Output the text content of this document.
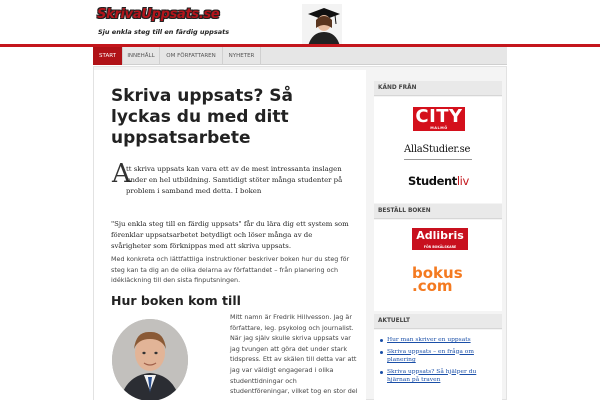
SkrivaUppsats.se
Sju enkla steg till en färdig uppsats
START	INNEHÅLL	OM FÖRFATTAREN	NYHETER
Skriva uppsats? Så lyckas du med ditt uppsatsarbete
A

tt skriva uppsats kan vara ett av de mest intressanta inslagen under en hel utbildning. Samtidigt stöter många studenter på problem i samband med detta. I boken

"Sju enkla steg till en färdig uppsats" får du lära dig ett system som förenklar uppsatsarbetet betydligt och löser många av de svårigheter som förknippas med att skriva uppsats.

Med konkreta och lättfattliga instruktioner beskriver boken hur du steg för steg kan ta dig an de olika delarna av författandet – från planering och idékläckning till den sista finputsningen.

Hur boken kom till

Mitt namn är Fredrik Hillvesson. Jag är författare, leg. psykolog och journalist. När jag själv skulle skriva uppsats var jag tvungen att göra det under stark tidspress. Ett av skälen till detta var att jag var väldigt engagerad i olika studenttidningar och studentföreningar, vilket tog en stor del

KÄND FRÅN
CITY
MALMÖ
AllaStudier.se
Studentliv
BESTÄLL BOKEN
Adlibris
FÖR BOKÄLSKARE
bokus
.com
AKTUELLT
Hur man skriver en uppsats
Skriva uppsats – en fråga om planering
Skriva uppsats? Så hjälper du hjärnan på traven
